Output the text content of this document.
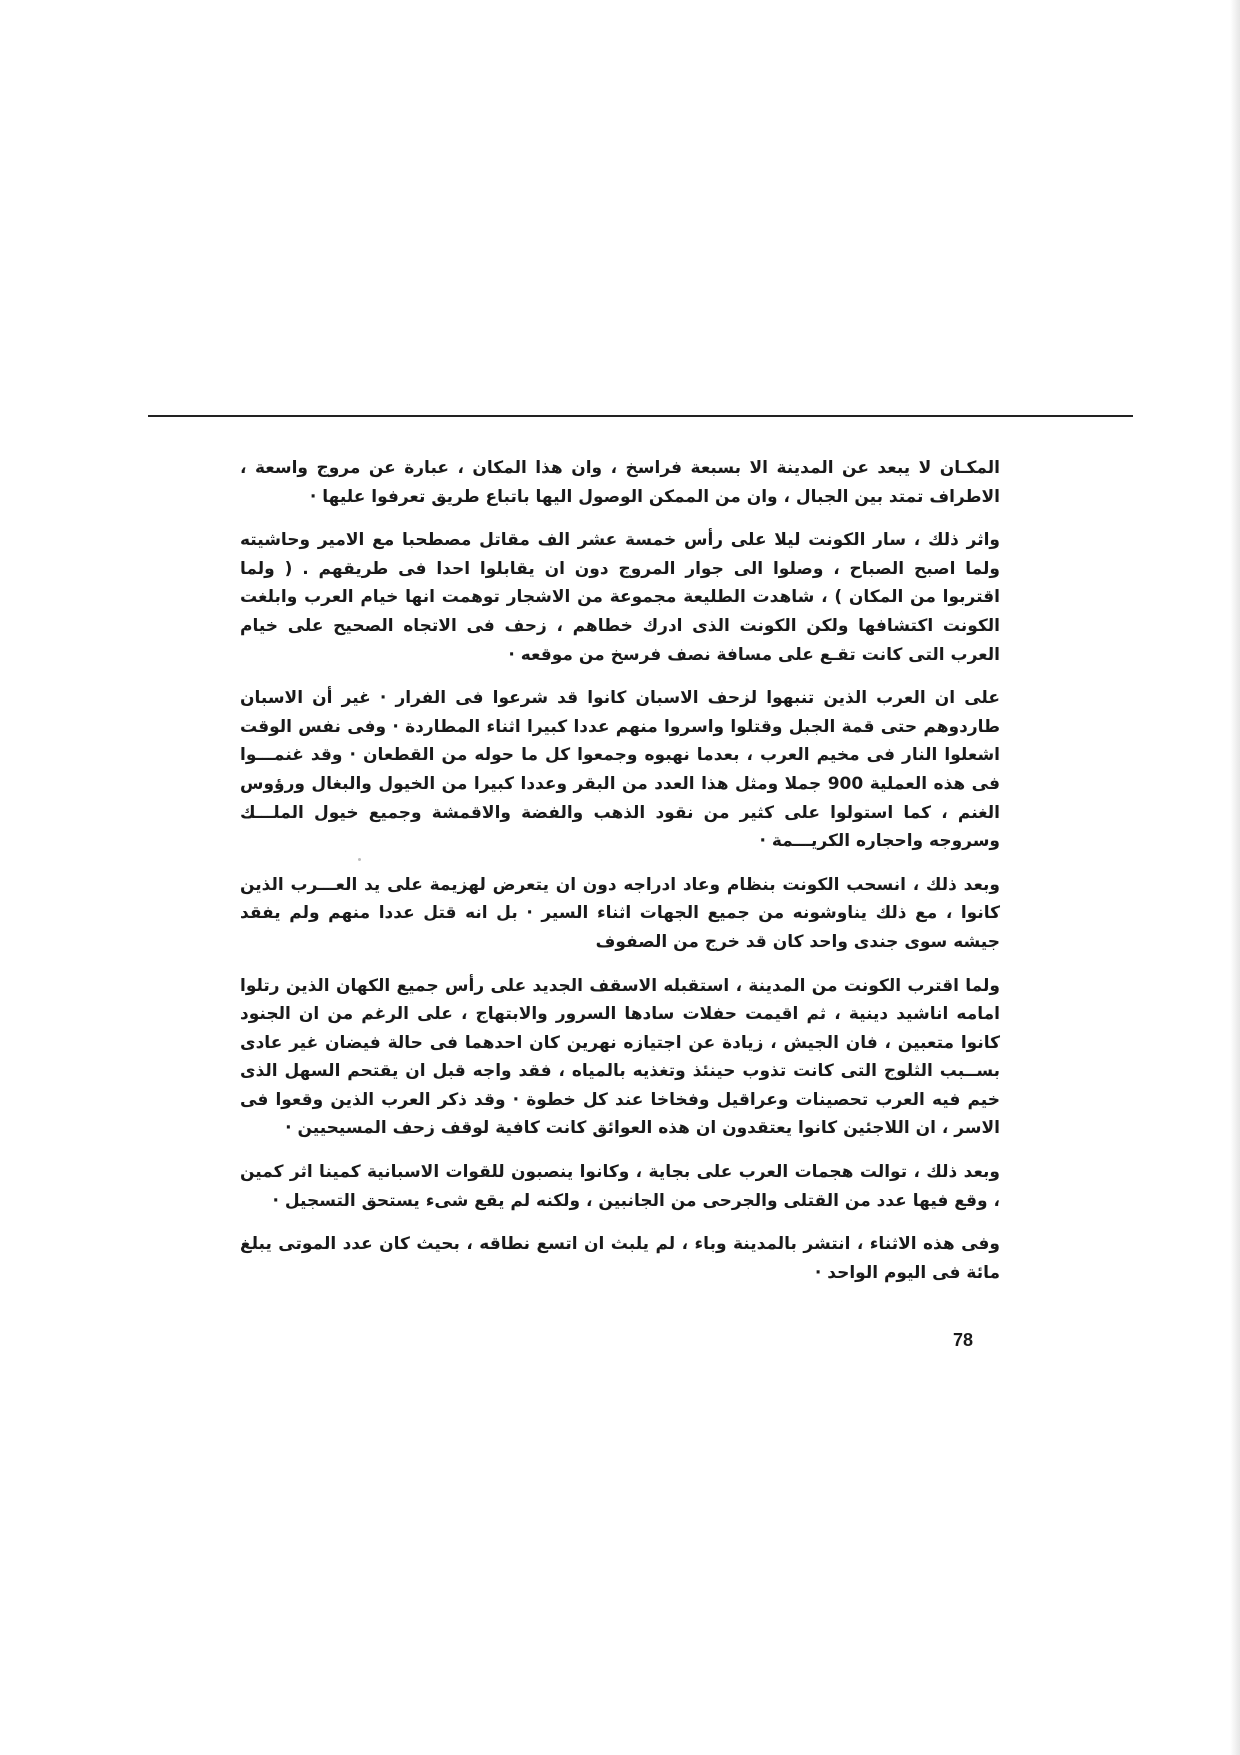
المكـان لا يبعد عن المدينة الا بسبعة فراسخ ، وان هذا المكان ، عبارة عن مروج واسعة ، الاطراف تمتد بين الجبال ، وان من الممكن الوصول اليها باتباع طريق تعرفوا عليها ·

واثر ذلك ، سار الكونت ليلا على رأس خمسة عشر الف مقاتل مصطحبا مع الامير وحاشيته ولما اصبح الصباح ، وصلوا الى جوار المروج دون ان يقابلوا احدا فى طريقهم . ( ولما اقتربوا من المكان ) ، شاهدت الطليعة مجموعة من الاشجار توهمت انها خيام العرب وابلغت الكونت اكتشافها ولكن الكونت الذى ادرك خطاهم ، زحف فى الاتجاه الصحيح على خيام العرب التى كانت تقـع على مسافة نصف فرسخ من موقعه ·

على ان العرب الذين تنبهوا لزحف الاسبان كانوا قد شرعوا فى الفرار · غير أن الاسبان طاردوهم حتى قمة الجبل وقتلوا واسروا منهم عددا كبيرا اثناء المطاردة · وفى نفس الوقت اشعلوا النار فى مخيم العرب ، بعدما نهبوه وجمعوا كل ما حوله من القطعان · وقد غنمـــوا فى هذه العملية 900 جملا ومثل هذا العدد من البقر وعددا كبيرا من الخيول والبغال ورؤوس الغنم ، كما استولوا على كثير من نقود الذهب والفضة والاقمشة وجميع خيول الملـــك وسروجه واحجاره الكريـــمة ·

وبعد ذلك ، انسحب الكونت بنظام وعاد ادراجه دون ان يتعرض لهزيمة على يد العـــرب الذين كانوا ، مع ذلك يناوشونه من جميع الجهات اثناء السير · بل انه قتل عددا منهم ولم يفقد جيشه سوى جندى واحد كان قد خرج من الصفوف

ولما اقترب الكونت من المدينة ، استقبله الاسقف الجديد على رأس جميع الكهان الذين رتلوا امامه اناشيد دينية ، ثم اقيمت حفلات سادها السرور والابتهاج ، على الرغم من ان الجنود كانوا متعبين ، فان الجيش ، زيادة عن اجتيازه نهرين كان احدهما فى حالة فيضان غير عادى بســبب الثلوج التى كانت تذوب حينئذ وتغذيه بالمياه ، فقد واجه قبل ان يقتحم السهل الذى خيم فيه العرب تحصينات وعراقيل وفخاخا عند كل خطوة · وقد ذكر العرب الذين وقعوا فى الاسر ، ان اللاجئين كانوا يعتقدون ان هذه العوائق كانت كافية لوقف زحف المسيحيين ·

وبعد ذلك ، توالت هجمات العرب على بجاية ، وكانوا ينصبون للقوات الاسبانية كمينا اثر كمين ، وقع فيها عدد من القتلى والجرحى من الجانبين ، ولكنه لم يقع شىء يستحق التسجيل ·

وفى هذه الاثناء ، انتشر بالمدينة وباء ، لم يلبث ان اتسع نطاقه ، بحيث كان عدد الموتى يبلغ مائة فى اليوم الواحد ·

78
